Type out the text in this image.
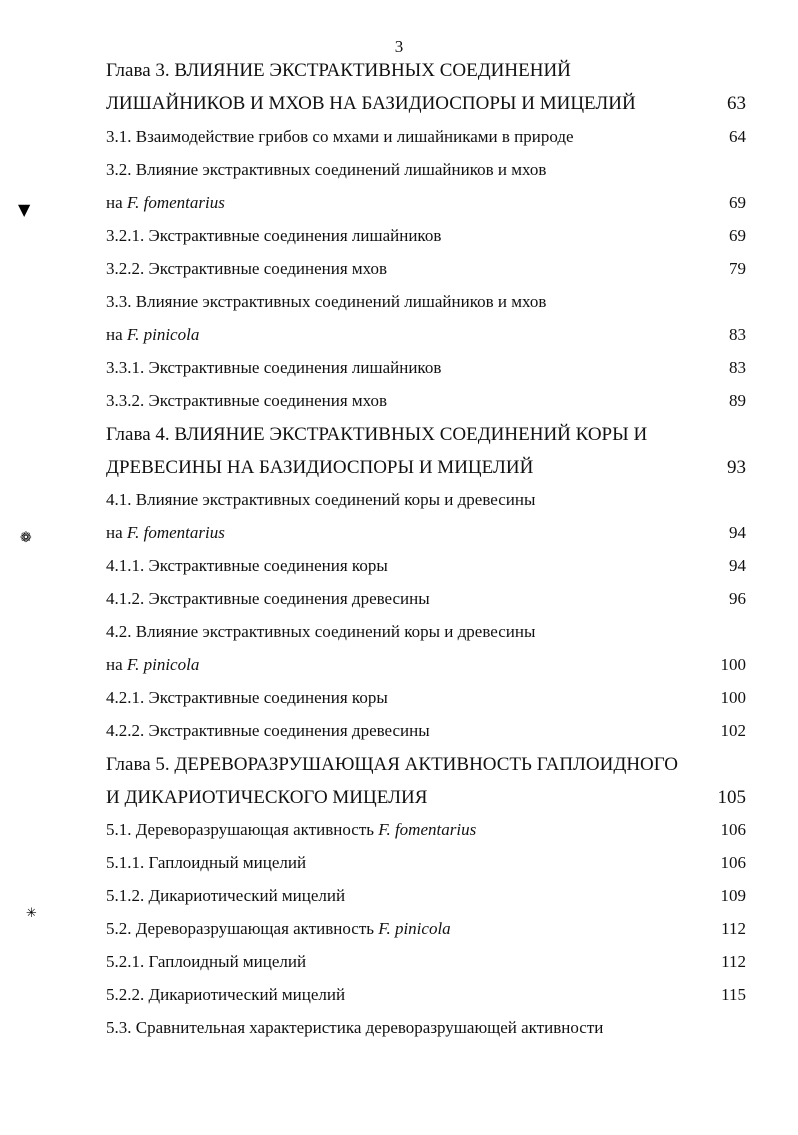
3
Глава 3. ВЛИЯНИЕ ЭКСТРАКТИВНЫХ СОЕДИНЕНИЙ
ЛИШАЙНИКОВ И МХОВ НА БАЗИДИОСПОРЫ И МИЦЕЛИЙ	63
3.1. Взаимодействие грибов со мхами и лишайниками в природе	64
3.2. Влияние экстрактивных соединений лишайников и мхов
на F. fomentarius	69
3.2.1. Экстрактивные соединения лишайников	69
3.2.2. Экстрактивные соединения мхов	79
3.3. Влияние экстрактивных соединений лишайников и мхов
на F. pinicola	83
3.3.1. Экстрактивные соединения лишайников	83
3.3.2. Экстрактивные соединения мхов	89
Глава 4. ВЛИЯНИЕ ЭКСТРАКТИВНЫХ СОЕДИНЕНИЙ КОРЫ И
ДРЕВЕСИНЫ НА БАЗИДИОСПОРЫ И МИЦЕЛИЙ	93
4.1. Влияние экстрактивных соединений коры и древесины
на F. fomentarius	94
4.1.1. Экстрактивные соединения коры	94
4.1.2. Экстрактивные соединения древесины	96
4.2. Влияние экстрактивных соединений коры и древесины
на F. pinicola	100
4.2.1. Экстрактивные соединения коры	100
4.2.2. Экстрактивные соединения древесины	102
Глава 5. ДЕРЕВОРАЗРУШАЮЩАЯ АКТИВНОСТЬ ГАПЛОИДНОГО
И ДИКАРИОТИЧЕСКОГО МИЦЕЛИЯ	105
5.1. Дереворазрушающая активность F. fomentarius	106
5.1.1. Гаплоидный мицелий	106
5.1.2. Дикариотический мицелий	109
5.2. Дереворазрушающая активность F. pinicola	112
5.2.1. Гаплоидный мицелий	112
5.2.2. Дикариотический мицелий	115
5.3. Сравнительная характеристика дереворазрушающей активности
▼
❁
✳
